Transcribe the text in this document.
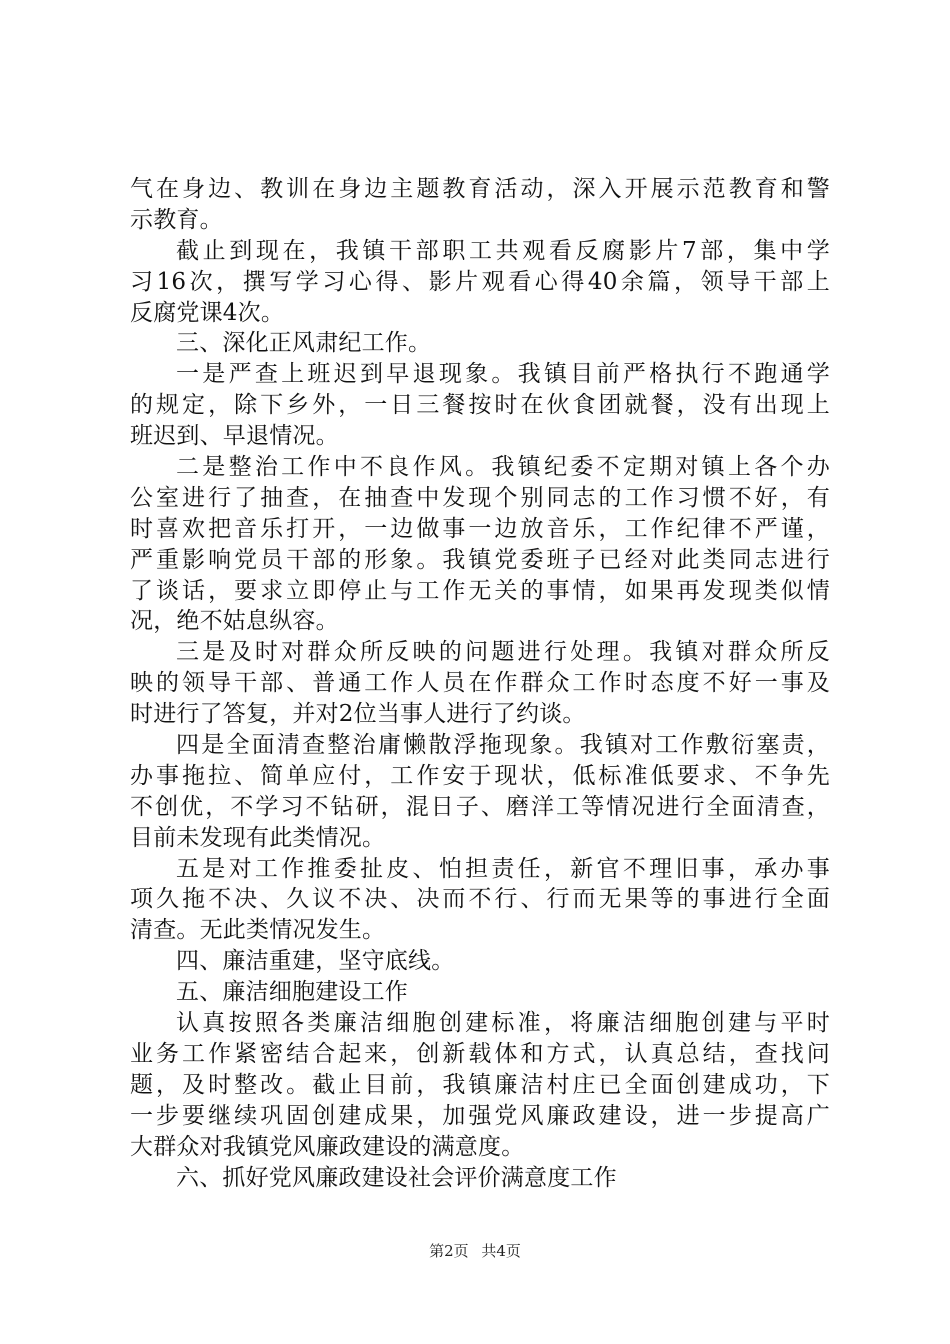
气在身边、教训在身边主题教育活动，深入开展示范教育和警
示教育。
截止到现在，我镇干部职工共观看反腐影片7部，集中学
习16次，撰写学习心得、影片观看心得40余篇，领导干部上
反腐党课4次。
三、深化正风肃纪工作。
一是严查上班迟到早退现象。我镇目前严格执行不跑通学
的规定，除下乡外，一日三餐按时在伙食团就餐，没有出现上
班迟到、早退情况。
二是整治工作中不良作风。我镇纪委不定期对镇上各个办
公室进行了抽查，在抽查中发现个别同志的工作习惯不好，有
时喜欢把音乐打开，一边做事一边放音乐，工作纪律不严谨，
严重影响党员干部的形象。我镇党委班子已经对此类同志进行
了谈话，要求立即停止与工作无关的事情，如果再发现类似情
况，绝不姑息纵容。
三是及时对群众所反映的问题进行处理。我镇对群众所反
映的领导干部、普通工作人员在作群众工作时态度不好一事及
时进行了答复，并对2位当事人进行了约谈。
四是全面清查整治庸懒散浮拖现象。我镇对工作敷衍塞责，
办事拖拉、简单应付，工作安于现状，低标准低要求、不争先
不创优，不学习不钻研，混日子、磨洋工等情况进行全面清查，
目前未发现有此类情况。
五是对工作推委扯皮、怕担责任，新官不理旧事，承办事
项久拖不决、久议不决、决而不行、行而无果等的事进行全面
清查。无此类情况发生。
四、廉洁重建，坚守底线。
五、廉洁细胞建设工作
认真按照各类廉洁细胞创建标准，将廉洁细胞创建与平时
业务工作紧密结合起来，创新载体和方式，认真总结，查找问
题，及时整改。截止目前，我镇廉洁村庄已全面创建成功，下
一步要继续巩固创建成果，加强党风廉政建设，进一步提高广
大群众对我镇党风廉政建设的满意度。
六、抓好党风廉政建设社会评价满意度工作
第2页 共4页
